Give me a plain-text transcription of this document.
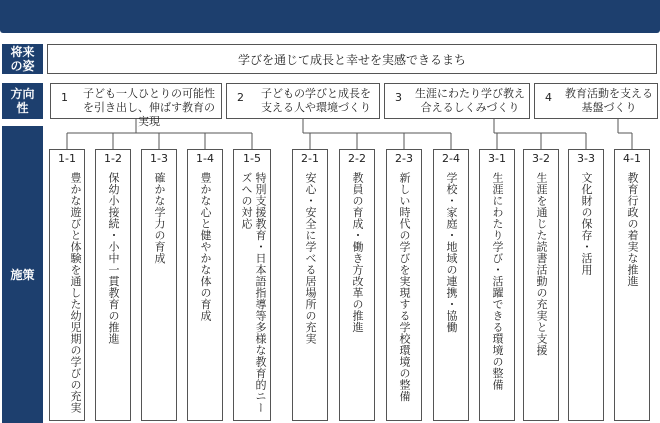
将来
の姿
方向
性
施策
学びを通じて成長と幸せを実感できるまち
1 子ども一人ひとりの可能性を引き出し、伸ばす教育の実現
2	子どもの学びと成長を支える人や環境づくり
3 生涯にわたり学び教え合えるしくみづくり
4 教育活動を支える基盤づくり
1-1
豊かな遊びと体験を通した幼児期の学びの充実
1-2
保幼小接続・小中一貫教育の推進
1-3
確かな学力の育成
1-4
豊かな心と健やかな体の育成
1-5
特別支援教育・日本語指導等多様な教育的ニーズへの対応
2-1
安心・安全に学べる居場所の充実
2-2
教員の育成・働き方改革の推進
2-3
新しい時代の学びを実現する学校環境の整備
2-4
学校・家庭・地域の連携・協働
3-1
生涯にわたり学び・活躍できる環境の整備
3-2
生涯を通じた読書活動の充実と支援
3-3
文化財の保存・活用
4-1
教育行政の着実な推進
